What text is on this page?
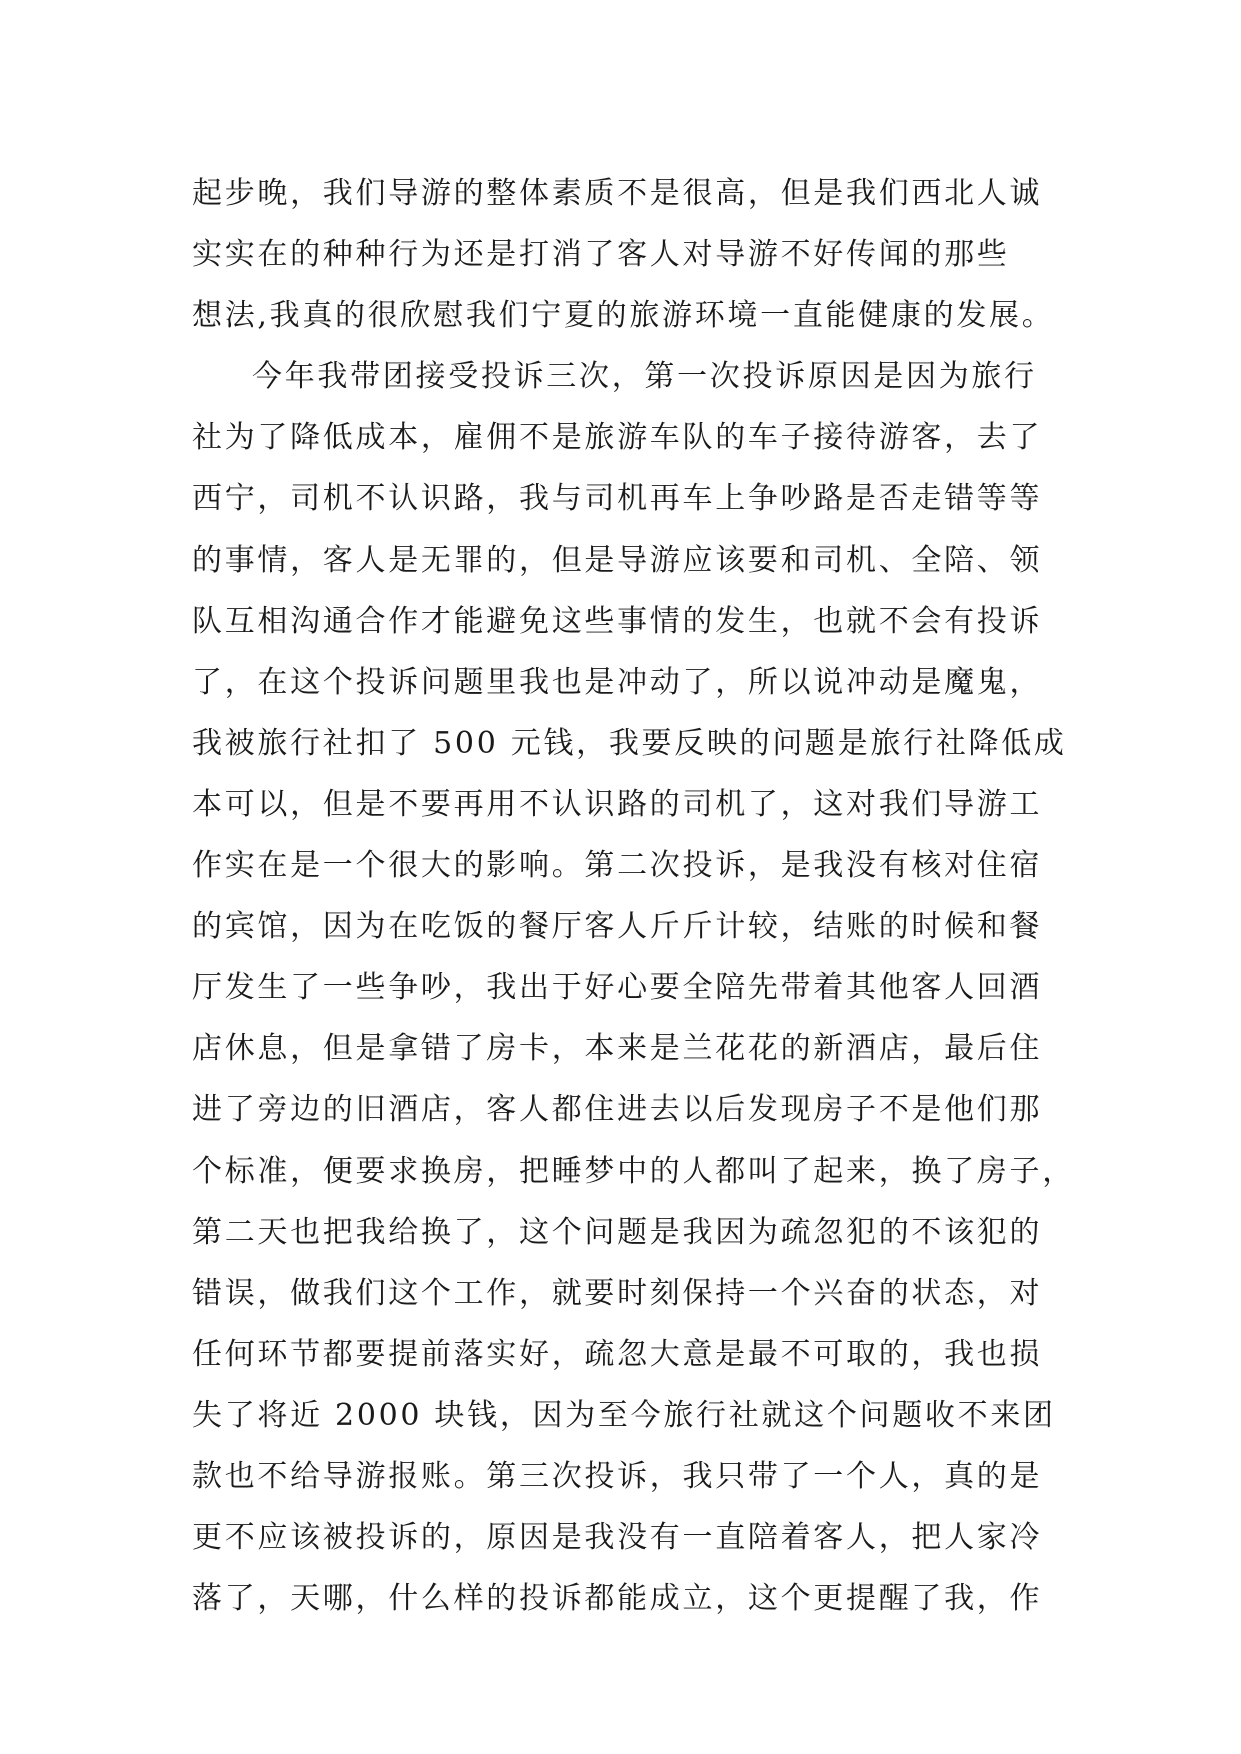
起步晚，我们导游的整体素质不是很高，但是我们西北人诚
实实在的种种行为还是打消了客人对导游不好传闻的那些
想法,我真的很欣慰我们宁夏的旅游环境一直能健康的发展。
今年我带团接受投诉三次，第一次投诉原因是因为旅行
社为了降低成本，雇佣不是旅游车队的车子接待游客，去了
西宁，司机不认识路，我与司机再车上争吵路是否走错等等
的事情，客人是无罪的，但是导游应该要和司机、全陪、领
队互相沟通合作才能避免这些事情的发生，也就不会有投诉
了，在这个投诉问题里我也是冲动了，所以说冲动是魔鬼，
我被旅行社扣了 500 元钱，我要反映的问题是旅行社降低成
本可以，但是不要再用不认识路的司机了，这对我们导游工
作实在是一个很大的影响。第二次投诉，是我没有核对住宿
的宾馆，因为在吃饭的餐厅客人斤斤计较，结账的时候和餐
厅发生了一些争吵，我出于好心要全陪先带着其他客人回酒
店休息，但是拿错了房卡，本来是兰花花的新酒店，最后住
进了旁边的旧酒店，客人都住进去以后发现房子不是他们那
个标准，便要求换房，把睡梦中的人都叫了起来，换了房子，
第二天也把我给换了，这个问题是我因为疏忽犯的不该犯的
错误，做我们这个工作，就要时刻保持一个兴奋的状态，对
任何环节都要提前落实好，疏忽大意是最不可取的，我也损
失了将近 2000 块钱，因为至今旅行社就这个问题收不来团
款也不给导游报账。第三次投诉，我只带了一个人，真的是
更不应该被投诉的，原因是我没有一直陪着客人，把人家冷
落了，天哪，什么样的投诉都能成立，这个更提醒了我，作
